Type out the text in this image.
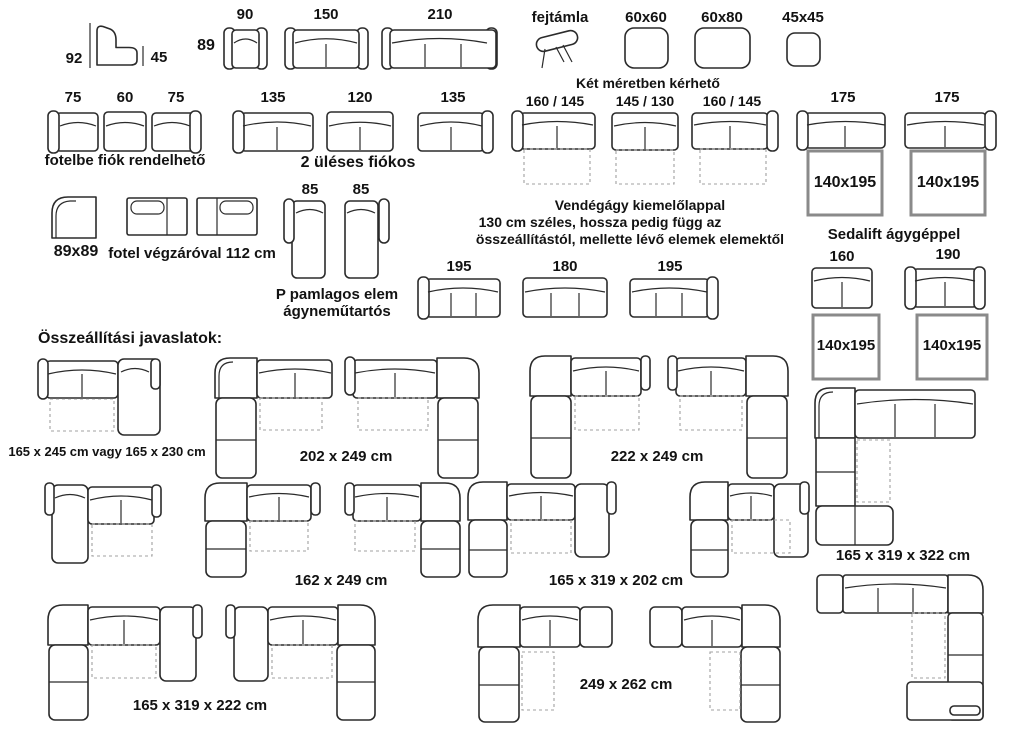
92	45
89
90	150	210	fejtámla 60x60 60x80	45x45
Két méretben kérhető
75 60 75
fotelbe fiók rendelhető
135	120	135
2 üléses fiókos
160 / 145 145 / 130 160 / 145	175	175
140x195	140x195
Sedalift ágygéppel
89x89 fotel végzáróval 112 cm
85 85
P pamlagos elem
ágyneműtartós
Vendégágy kiemelőlappal
130 cm széles, hossza pedig függ az
összeállítástól, mellette lévő elemek elemektől
195	180	195
160	190
140x195	140x195
Összeállítási javaslatok:
165 x 245 cm vagy 165 x 230 cm	202 x 249 cm	222 x 249 cm
162 x 249 cm	165 x 319 x 202 cm
165 x 319 x 322 cm
165 x 319 x 222 cm
249 x 262 cm
